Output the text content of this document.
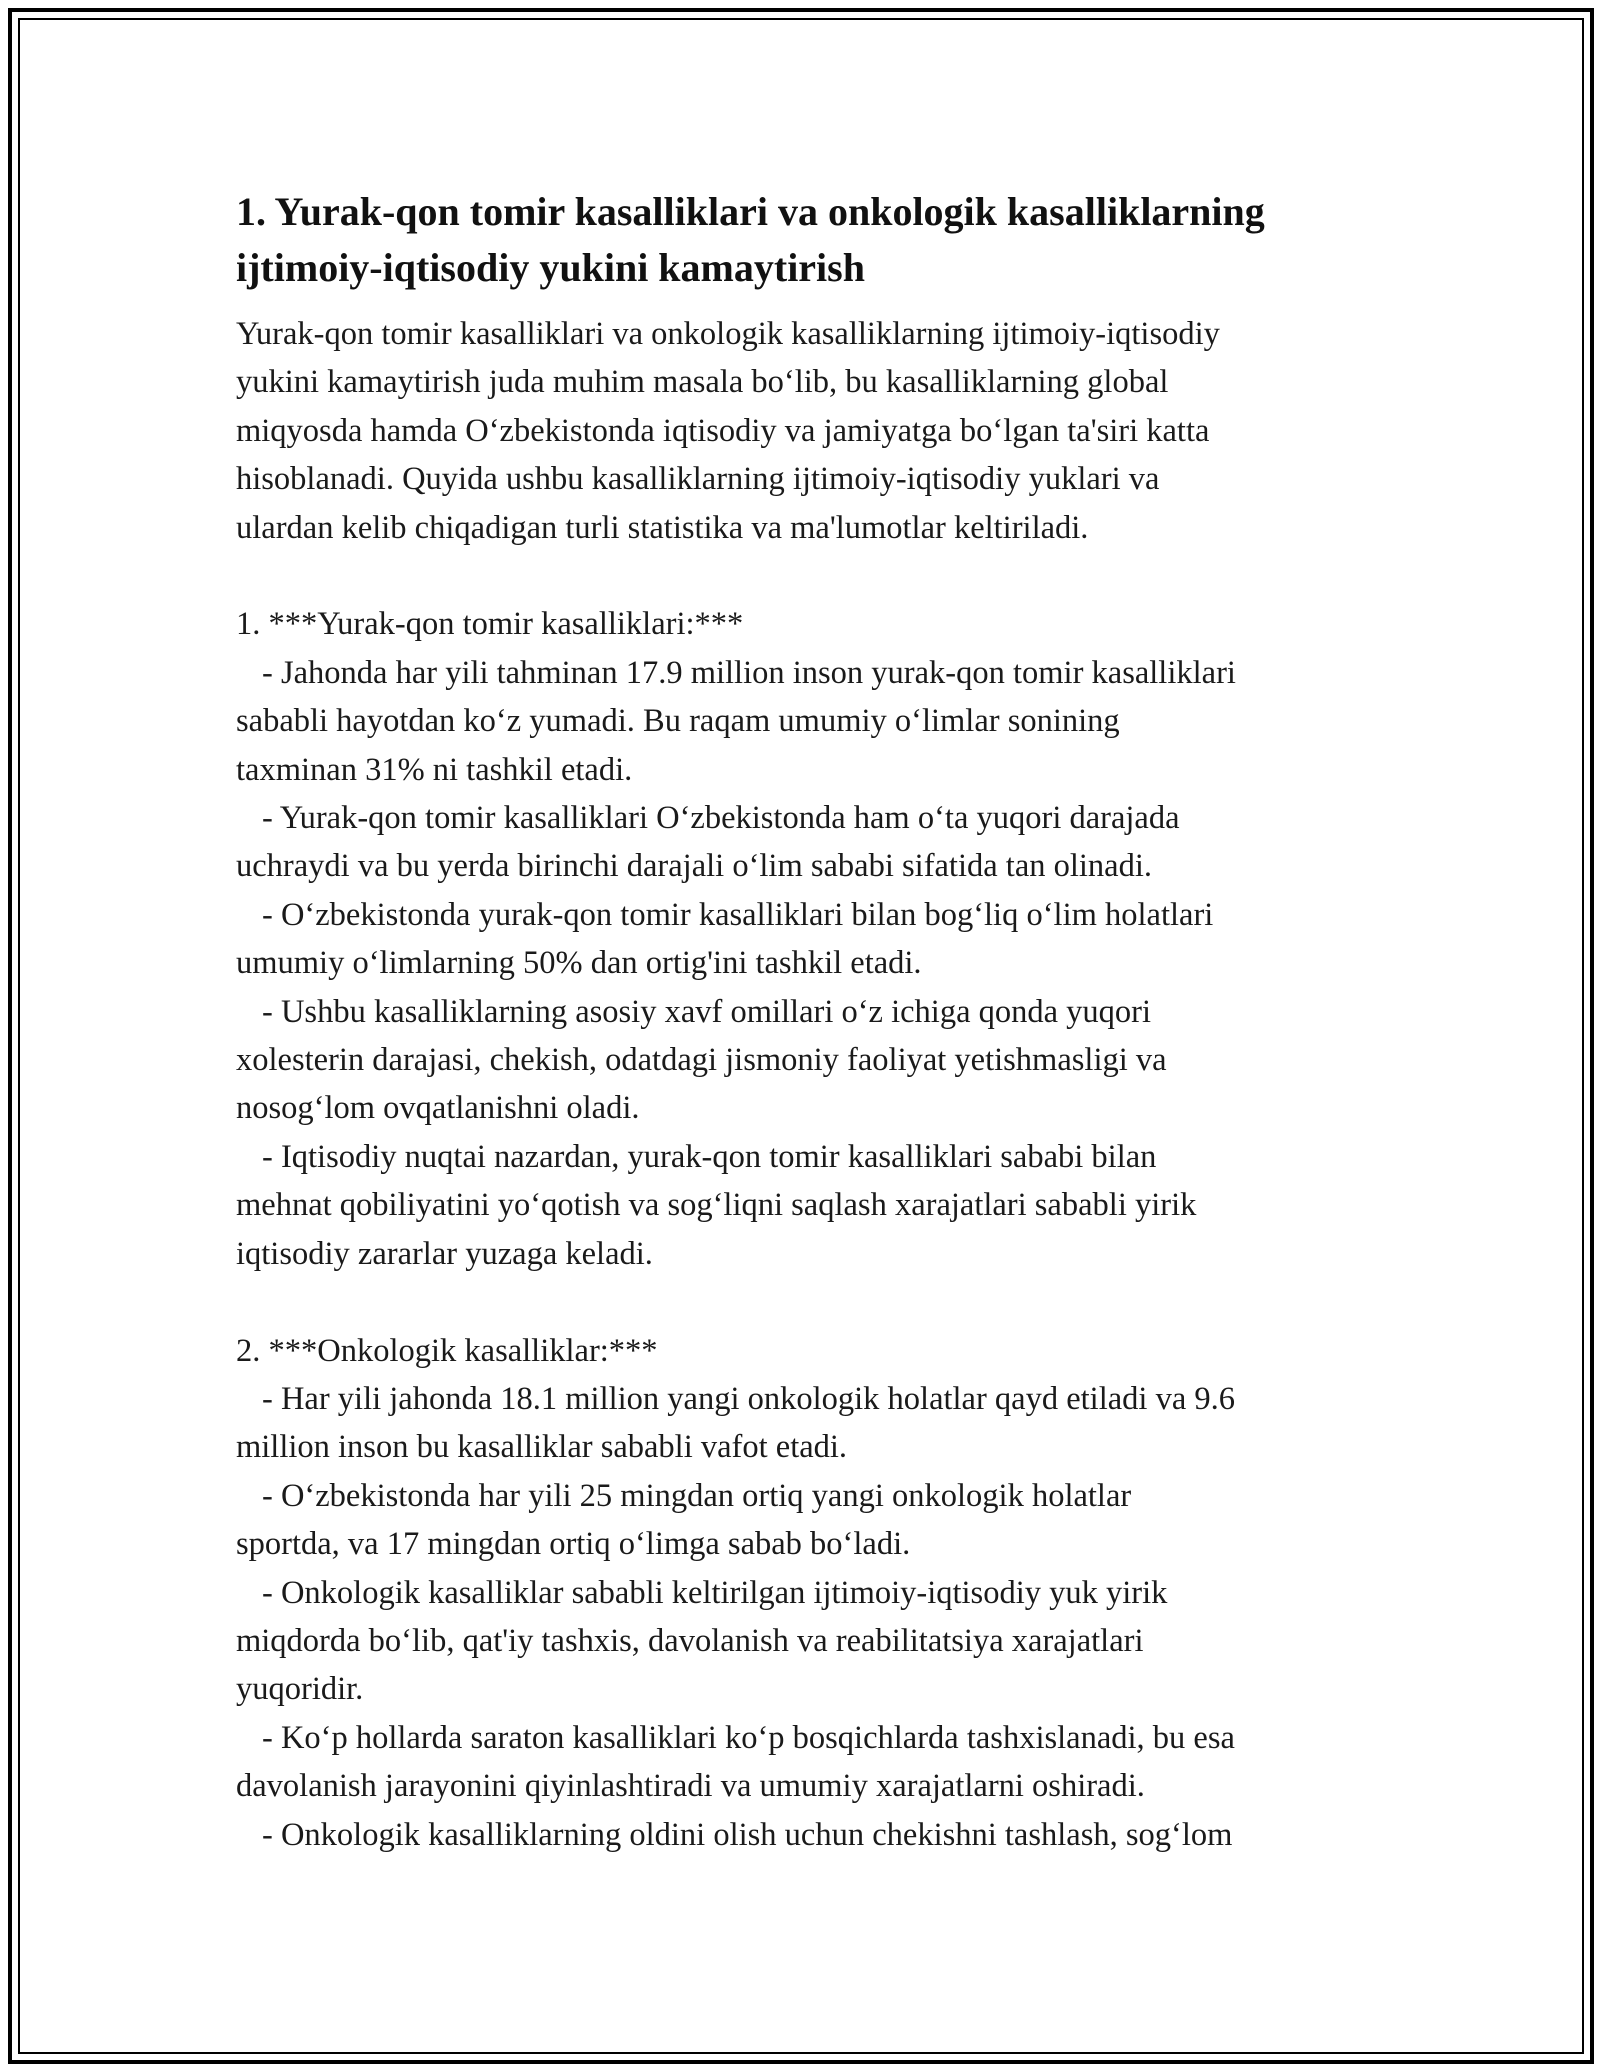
1. Yurak-qon tomir kasalliklari va onkologik kasalliklarning
ijtimoiy-iqtisodiy yukini kamaytirish

Yurak-qon tomir kasalliklari va onkologik kasalliklarning ijtimoiy-iqtisodiy
yukini kamaytirish juda muhim masala bo‘lib, bu kasalliklarning global
miqyosda hamda O‘zbekistonda iqtisodiy va jamiyatga bo‘lgan ta'siri katta
hisoblanadi. Quyida ushbu kasalliklarning ijtimoiy-iqtisodiy yuklari va
ulardan kelib chiqadigan turli statistika va ma'lumotlar keltiriladi.

1. ***Yurak-qon tomir kasalliklari:***

- Jahonda har yili tahminan 17.9 million inson yurak-qon tomir kasalliklari
sababli hayotdan ko‘z yumadi. Bu raqam umumiy o‘limlar sonining
taxminan 31% ni tashkil etadi.

- Yurak-qon tomir kasalliklari O‘zbekistonda ham o‘ta yuqori darajada
uchraydi va bu yerda birinchi darajali o‘lim sababi sifatida tan olinadi.

- O‘zbekistonda yurak-qon tomir kasalliklari bilan bog‘liq o‘lim holatlari
umumiy o‘limlarning 50% dan ortig'ini tashkil etadi.

- Ushbu kasalliklarning asosiy xavf omillari o‘z ichiga qonda yuqori
xolesterin darajasi, chekish, odatdagi jismoniy faoliyat yetishmasligi va
nosog‘lom ovqatlanishni oladi.

- Iqtisodiy nuqtai nazardan, yurak-qon tomir kasalliklari sababi bilan
mehnat qobiliyatini yo‘qotish va sog‘liqni saqlash xarajatlari sababli yirik
iqtisodiy zararlar yuzaga keladi.

2. ***Onkologik kasalliklar:***

- Har yili jahonda 18.1 million yangi onkologik holatlar qayd etiladi va 9.6
million inson bu kasalliklar sababli vafot etadi.

- O‘zbekistonda har yili 25 mingdan ortiq yangi onkologik holatlar
sportda, va 17 mingdan ortiq o‘limga sabab bo‘ladi.

- Onkologik kasalliklar sababli keltirilgan ijtimoiy-iqtisodiy yuk yirik
miqdorda bo‘lib, qat'iy tashxis, davolanish va reabilitatsiya xarajatlari
yuqoridir.

- Ko‘p hollarda saraton kasalliklari ko‘p bosqichlarda tashxislanadi, bu esa
davolanish jarayonini qiyinlashtiradi va umumiy xarajatlarni oshiradi.

- Onkologik kasalliklarning oldini olish uchun chekishni tashlash, sog‘lom
